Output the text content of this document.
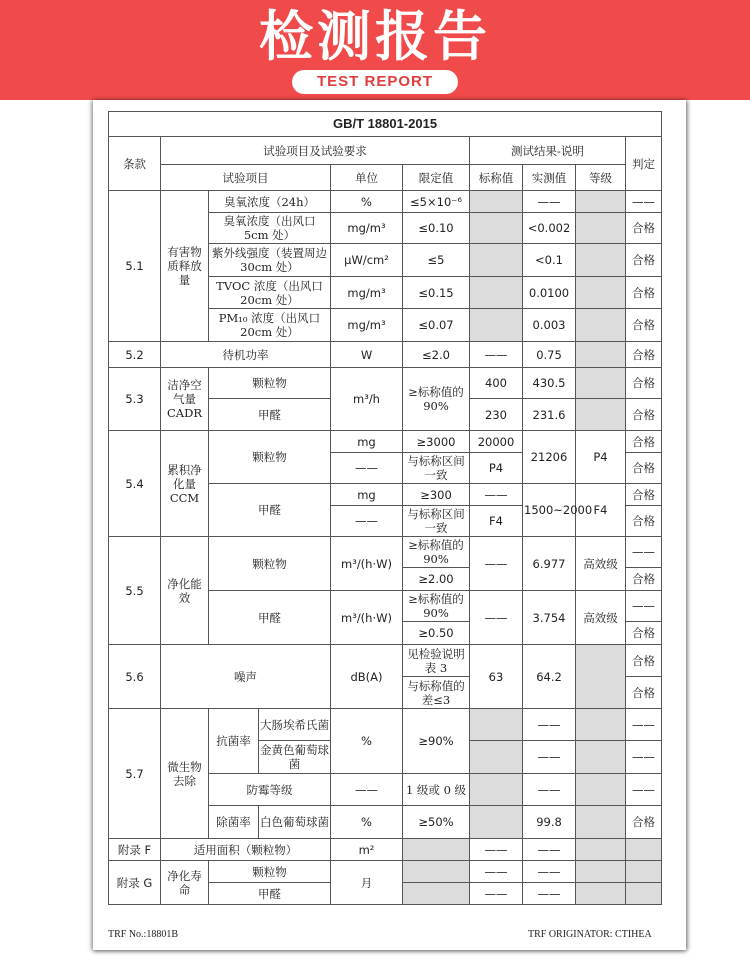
检测报告
TEST REPORT
GB/T 18801-2015									
条款	试验项目及试验要求					测试结果-说明			判定
	试验项目			单位	限定值	标称值	实测值	等级	
5.1	有害物质释放量	臭氧浓度（24h）		%	≤5×10⁻⁶		——		——
		臭氧浓度（出风口 5cm 处）		mg/m³	≤0.10		<0.002		合格
		紫外线强度（装置周边 30cm 处）		μW/cm²	≤5		<0.1		合格
		TVOC 浓度（出风口 20cm 处）		mg/m³	≤0.15		0.0100		合格
		PM₁₀ 浓度（出风口 20cm 处）		mg/m³	≤0.07		0.003		合格
5.2	待机功率			W	≤2.0	——	0.75		合格
5.3	洁净空气量 CADR	颗粒物		m³/h	≥标称值的 90%	400	430.5		合格
		甲醛				230	231.6		合格
5.4	累积净化量 CCM	颗粒物		mg	≥3000	20000	21206	P4	合格
				——	与标称区间一致	P4			合格
		甲醛		mg	≥300	——	1500~2000	F4	合格
				——	与标称区间一致	F4			合格
5.5	净化能效	颗粒物		m³/(h·W)	≥标称值的 90%	——	6.977	高效级	——
					≥2.00				合格
		甲醛		m³/(h·W)	≥标称值的 90%	——	3.754	高效级	——
					≥0.50				合格
5.6	噪声			dB(A)	见检验说明表 3	63	64.2		合格
					与标称值的差≤3				合格
5.7	微生物去除	抗菌率	大肠埃希氏菌	%	≥90%		——		——
			金黄色葡萄球菌				——		——
		防霉等级		——	1 级或 0 级		——		——
		除菌率	白色葡萄球菌	%	≥50%		99.8		合格
附录 F	适用面积（颗粒物）			m²		——	——		
附录 G	净化寿命	颗粒物		月		——	——		
		甲醛				——	——		
TRF No.:18801B	TRF ORIGINATOR: CTIHEA
